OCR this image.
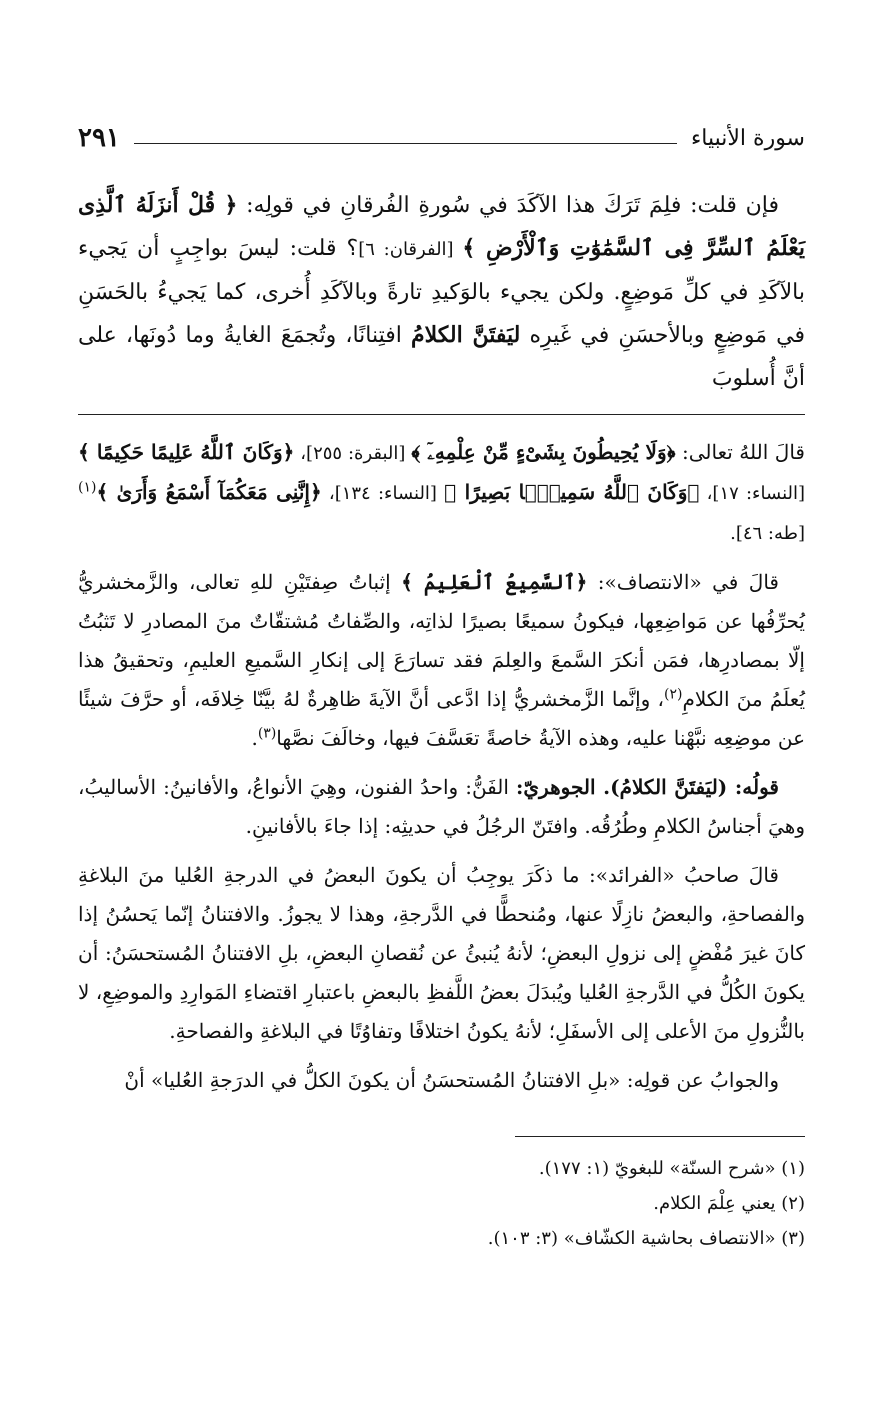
سورة الأنبياء
٢٩١

فإن قلت: فلِمَ تَرَكَ هذا الآكَدَ في سُورةِ الفُرقانِ في قولِه: ﴿ قُلْ أَنزَلَهُ ٱلَّذِى يَعْلَمُ ٱلسِّرَّ فِى ٱلسَّمَٰوَٰتِ وَٱلْأَرْضِ ﴾ [الفرقان: ٦]؟ قلت: ليسَ بواجِبٍ أن يَجيء بالآكَدِ في كلِّ مَوضِعٍ. ولكن يجيء بالوَكيدِ تارةً وبالآكَدِ أُخرى، كما يَجيءُ بالحَسَنِ في مَوضِعٍ وبالأحسَنِ في غَيرِه ليَفتَنَّ الكلامُ افتِنانًا، وتُجمَعَ الغايةُ وما دُونَها، على أنَّ أُسلوبَ

قالَ اللهُ تعالى: ﴿وَلَا يُحِيطُونَ بِشَىْءٍ مِّنْ عِلْمِهِۦٓ ﴾ [البقرة: ٢٥٥]، ﴿وَكَانَ ٱللَّهُ عَلِيمًا حَكِيمًا ﴾ [النساء: ١٧]، ﴿وَكَانَ ٱللَّهُ سَمِيعًۢا بَصِيرًا ﴾ [النساء: ١٣٤]، ﴿إِنَّنِى مَعَكُمَآ أَسْمَعُ وَأَرَىٰ ﴾$^{(١)}$ [طه: ٤٦].

قالَ في «الانتصاف»: ﴿ٱلسَّمِيعُ ٱلْعَلِيمُ ﴾ إثباتُ صِفتَيْنِ للهِ تعالى، والزَّمخشريُّ يُحرِّفُها عن مَواضِعِها، فيكونُ سميعًا بصيرًا لذاتِه، والصِّفاتُ مُشتقّاتٌ منَ المصادرِ لا تَثبُتُ إلّا بمصادرِها، فمَن أنكرَ السَّمعَ والعِلمَ فقد تسارَعَ إلى إنكارِ السَّميعِ العليمِ، وتحقيقُ هذا يُعلَمُ منَ الكلامِ$^{(٢)}$، وإنَّما الزَّمخشريُّ إذا ادَّعى أنَّ الآيةَ ظاهِرةٌ لهُ بيَّنّا خِلافَه، أو حرَّفَ شيئًا عن موضِعِه نبَّهْنا عليه، وهذه الآيةُ خاصةً تعَسَّفَ فيها، وخالَفَ نصَّها$^{(٣)}$.

قولُه: (ليَفتَنَّ الكلامُ). الجوهريّ: الفَنُّ: واحدُ الفنون، وهِيَ الأنواعُ، والأفانينُ: الأساليبُ، وهيَ أجناسُ الكلامِ وطُرُقُه. وافتَنّ الرجُلُ في حديثِه: إذا جاءَ بالأفانينِ.

قالَ صاحبُ «الفرائد»: ما ذكَرَ يوجِبُ أن يكونَ البعضُ في الدرجةِ العُليا منَ البلاغةِ والفصاحةِ، والبعضُ نازِلًا عنها، ومُنحطًّا في الدَّرجةِ، وهذا لا يجوزُ. والافتنانُ إنّما يَحسُنُ إذا كانَ غيرَ مُفْضٍ إلى نزولِ البعضِ؛ لأنهُ يُنبئُ عن نُقصانِ البعضِ، بلِ الافتنانُ المُستحسَنُ: أن يكونَ الكُلُّ في الدَّرجةِ العُليا ويُبدَلَ بعضُ اللَّفظِ بالبعضِ باعتبارِ اقتضاءِ المَوارِدِ والموضِعِ، لا بالنُّزولِ منَ الأعلى إلى الأسفَلِ؛ لأنهُ يكونُ اختلافًا وتفاوُتًا في البلاغةِ والفصاحةِ.

والجوابُ عن قولِه: «بلِ الافتنانُ المُستحسَنُ أن يكونَ الكلُّ في الدرَجةِ العُليا» أنْ

(١) «شرح السنّة» للبغويّ (١: ١٧٧).
(٢) يعني عِلْمَ الكلام.
(٣) «الانتصاف بحاشية الكشّاف» (٣: ١٠٣).
